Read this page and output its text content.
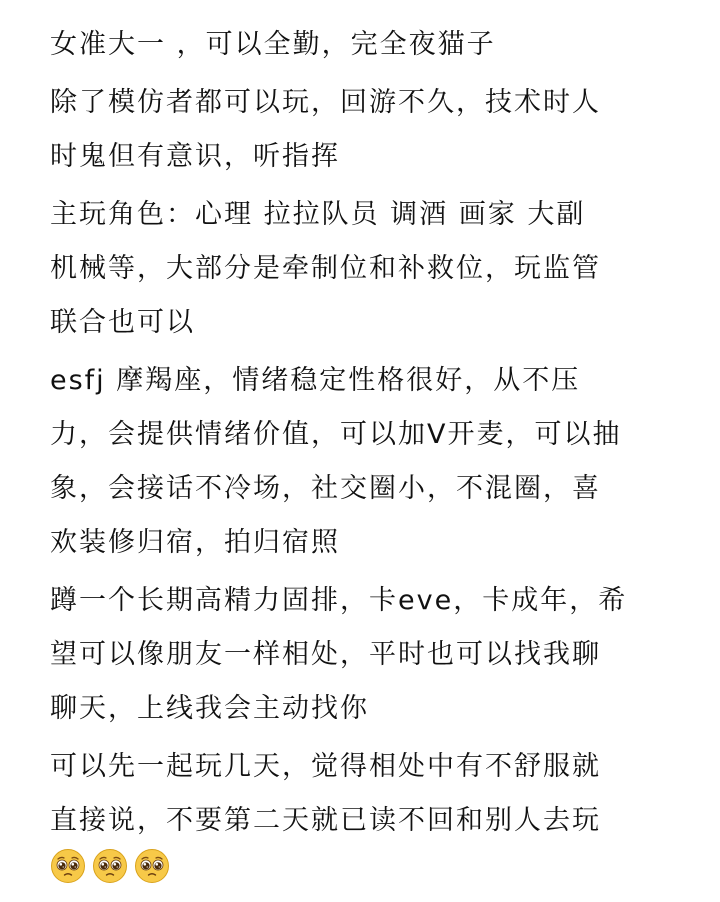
女准大一 ，可以全勤，完全夜猫子
除了模仿者都可以玩，回游不久，技术时人
时鬼但有意识，听指挥
主玩角色：心理 拉拉队员 调酒 画家 大副
机械等，大部分是牵制位和补救位，玩监管
联合也可以
esfj 摩羯座，情绪稳定性格很好，从不压
力，会提供情绪价值，可以加V开麦，可以抽
象，会接话不冷场，社交圈小，不混圈，喜
欢装修归宿，拍归宿照
蹲一个长期高精力固排，卡eve，卡成年，希
望可以像朋友一样相处，平时也可以找我聊
聊天，上线我会主动找你
可以先一起玩几天，觉得相处中有不舒服就
直接说，不要第二天就已读不回和别人去玩
